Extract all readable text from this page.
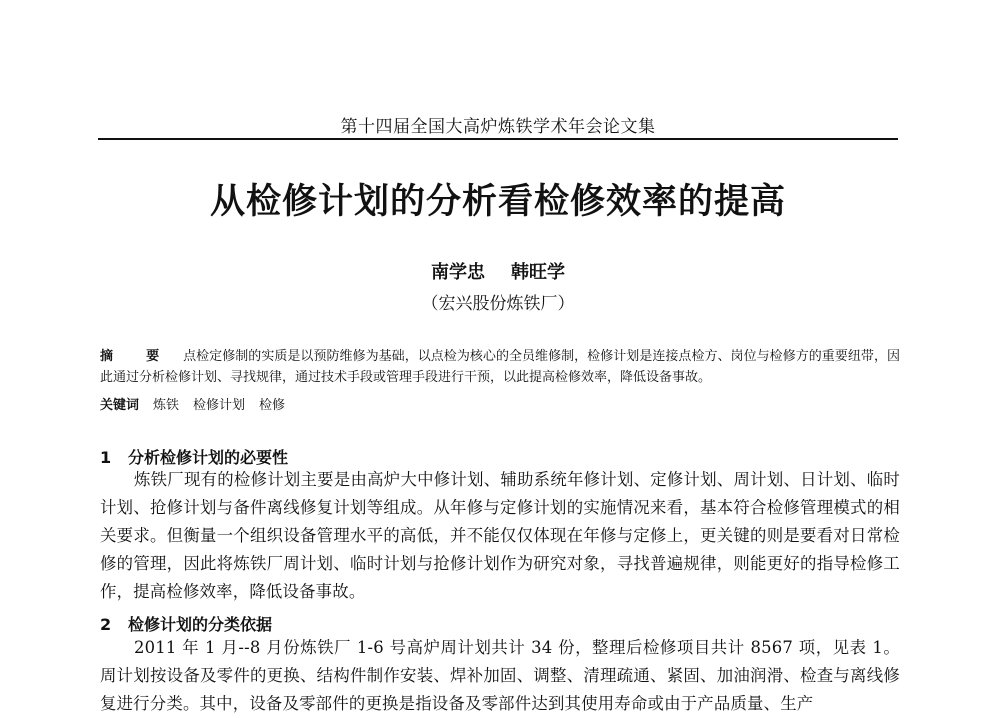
第十四届全国大高炉炼铁学术年会论文集
从检修计划的分析看检修效率的提高
南学忠 韩旺学
（宏兴股份炼铁厂）
摘　要 点检定修制的实质是以预防维修为基础，以点检为核心的全员维修制，检修计划是连接点检方、岗位与检修方的重要纽带，因此通过分析检修计划、寻找规律，通过技术手段或管理手段进行干预，以此提高检修效率，降低设备事故。
关键词 炼铁 检修计划 检修
1 分析检修计划的必要性
炼铁厂现有的检修计划主要是由高炉大中修计划、辅助系统年修计划、定修计划、周计划、日计划、临时计划、抢修计划与备件离线修复计划等组成。从年修与定修计划的实施情况来看，基本符合检修管理模式的相关要求。但衡量一个组织设备管理水平的高低，并不能仅仅体现在年修与定修上，更关键的则是要看对日常检修的管理，因此将炼铁厂周计划、临时计划与抢修计划作为研究对象，寻找普遍规律，则能更好的指导检修工作，提高检修效率，降低设备事故。
2 检修计划的分类依据
2011 年 1 月--8 月份炼铁厂 1-6 号高炉周计划共计 34 份，整理后检修项目共计 8567 项，见表 1。周计划按设备及零件的更换、结构件制作安装、焊补加固、调整、清理疏通、紧固、加油润滑、检查与离线修复进行分类。其中，设备及零部件的更换是指设备及零部件达到其使用寿命或由于产品质量、生产
